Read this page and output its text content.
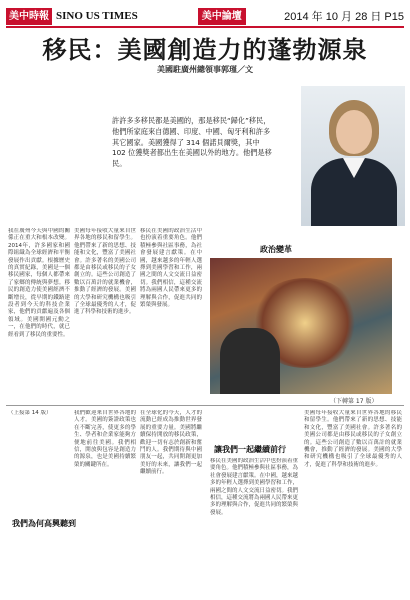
美中時報 SINO US TIMES	美中論壇	2014 年 10 月 28 日 P15
移民：美國創造力的蓬勃源泉
美國駐廣州總領事郭瑾／文
許許多多移民都是美國的，那是移民“歸化”移民，他們所家庭來自德國、印度、中國、匈牙利和許多其它國家。美國獲得了 314 個諾貝爾獎，其中 102 位獲獎者都出生在美國以外的地方。他們是移民。
我在廣州今天與中國的關係正在重大和根本改變。2014年，許多國家和國際組織為全球經濟和平衡發展作出貢獻。根據歷史的真實紀錄，美國是一個移民國家，每個人都帶來了家鄉的傳統與夢想。移民的創造力使美國經濟不斷增長，從早期的鐵路建設者到今天的科技企業家，他們的貢獻遍及各個領域。美國開國元勳之一，在他們的時代，就已經看到了移民的重要性。
美國每年接收大量來自世界各地的移民和留學生。他們帶來了新的思想、技能和文化，豐富了美國社會。許多著名的美國公司都是由移民或移民的子女創立的。這些公司創造了數以百萬計的就業機會，推動了經濟的發展。美國的大學和研究機構也吸引了全球最優秀的人才，促進了科學和技術的進步。
移民在美國的政治生活中也扮演着重要角色。他們積極參與社區事務，為社會發展建言獻策。在中國，越來越多的年輕人選擇到美國學習和工作，兩國之間的人文交流日益密切。我們相信，這種交流將為兩國人民帶來更多的理解與合作，促進共同的繁榮與發展。
政治變革
（下轉第 17 版）
（上接第 14 版）
我們為何高興聽到
我們歡迎來自世界各地的人才。美國的簽證政策也在不斷完善，使更多的學生、學者和企業家能夠方便地前往美國。我們相信，開放與包容是創造力的源泉，也是美國持續繁榮的關鍵所在。
在全球化的今天，人才的流動已經成為推動世界發展的重要力量。美國將繼續保持開放的移民政策，歡迎一切有志於創新和奮鬥的人。我們期待與中國朋友一起，共同開創更加美好的未來，讓我們一起繼續前行。
讓我們一起繼續前行
移民在美國的政治生活中也扮演着重要角色。他們積極參與社區事務，為社會發展建言獻策。在中國，越來越多的年輕人選擇到美國學習和工作，兩國之間的人文交流日益密切。我們相信，這種交流將為兩國人民帶來更多的理解與合作，促進共同的繁榮與發展。
美國每年接收大量來自世界各地的移民和留學生。他們帶來了新的思想、技能和文化，豐富了美國社會。許多著名的美國公司都是由移民或移民的子女創立的。這些公司創造了數以百萬計的就業機會，推動了經濟的發展。美國的大學和研究機構也吸引了全球最優秀的人才，促進了科學和技術的進步。
